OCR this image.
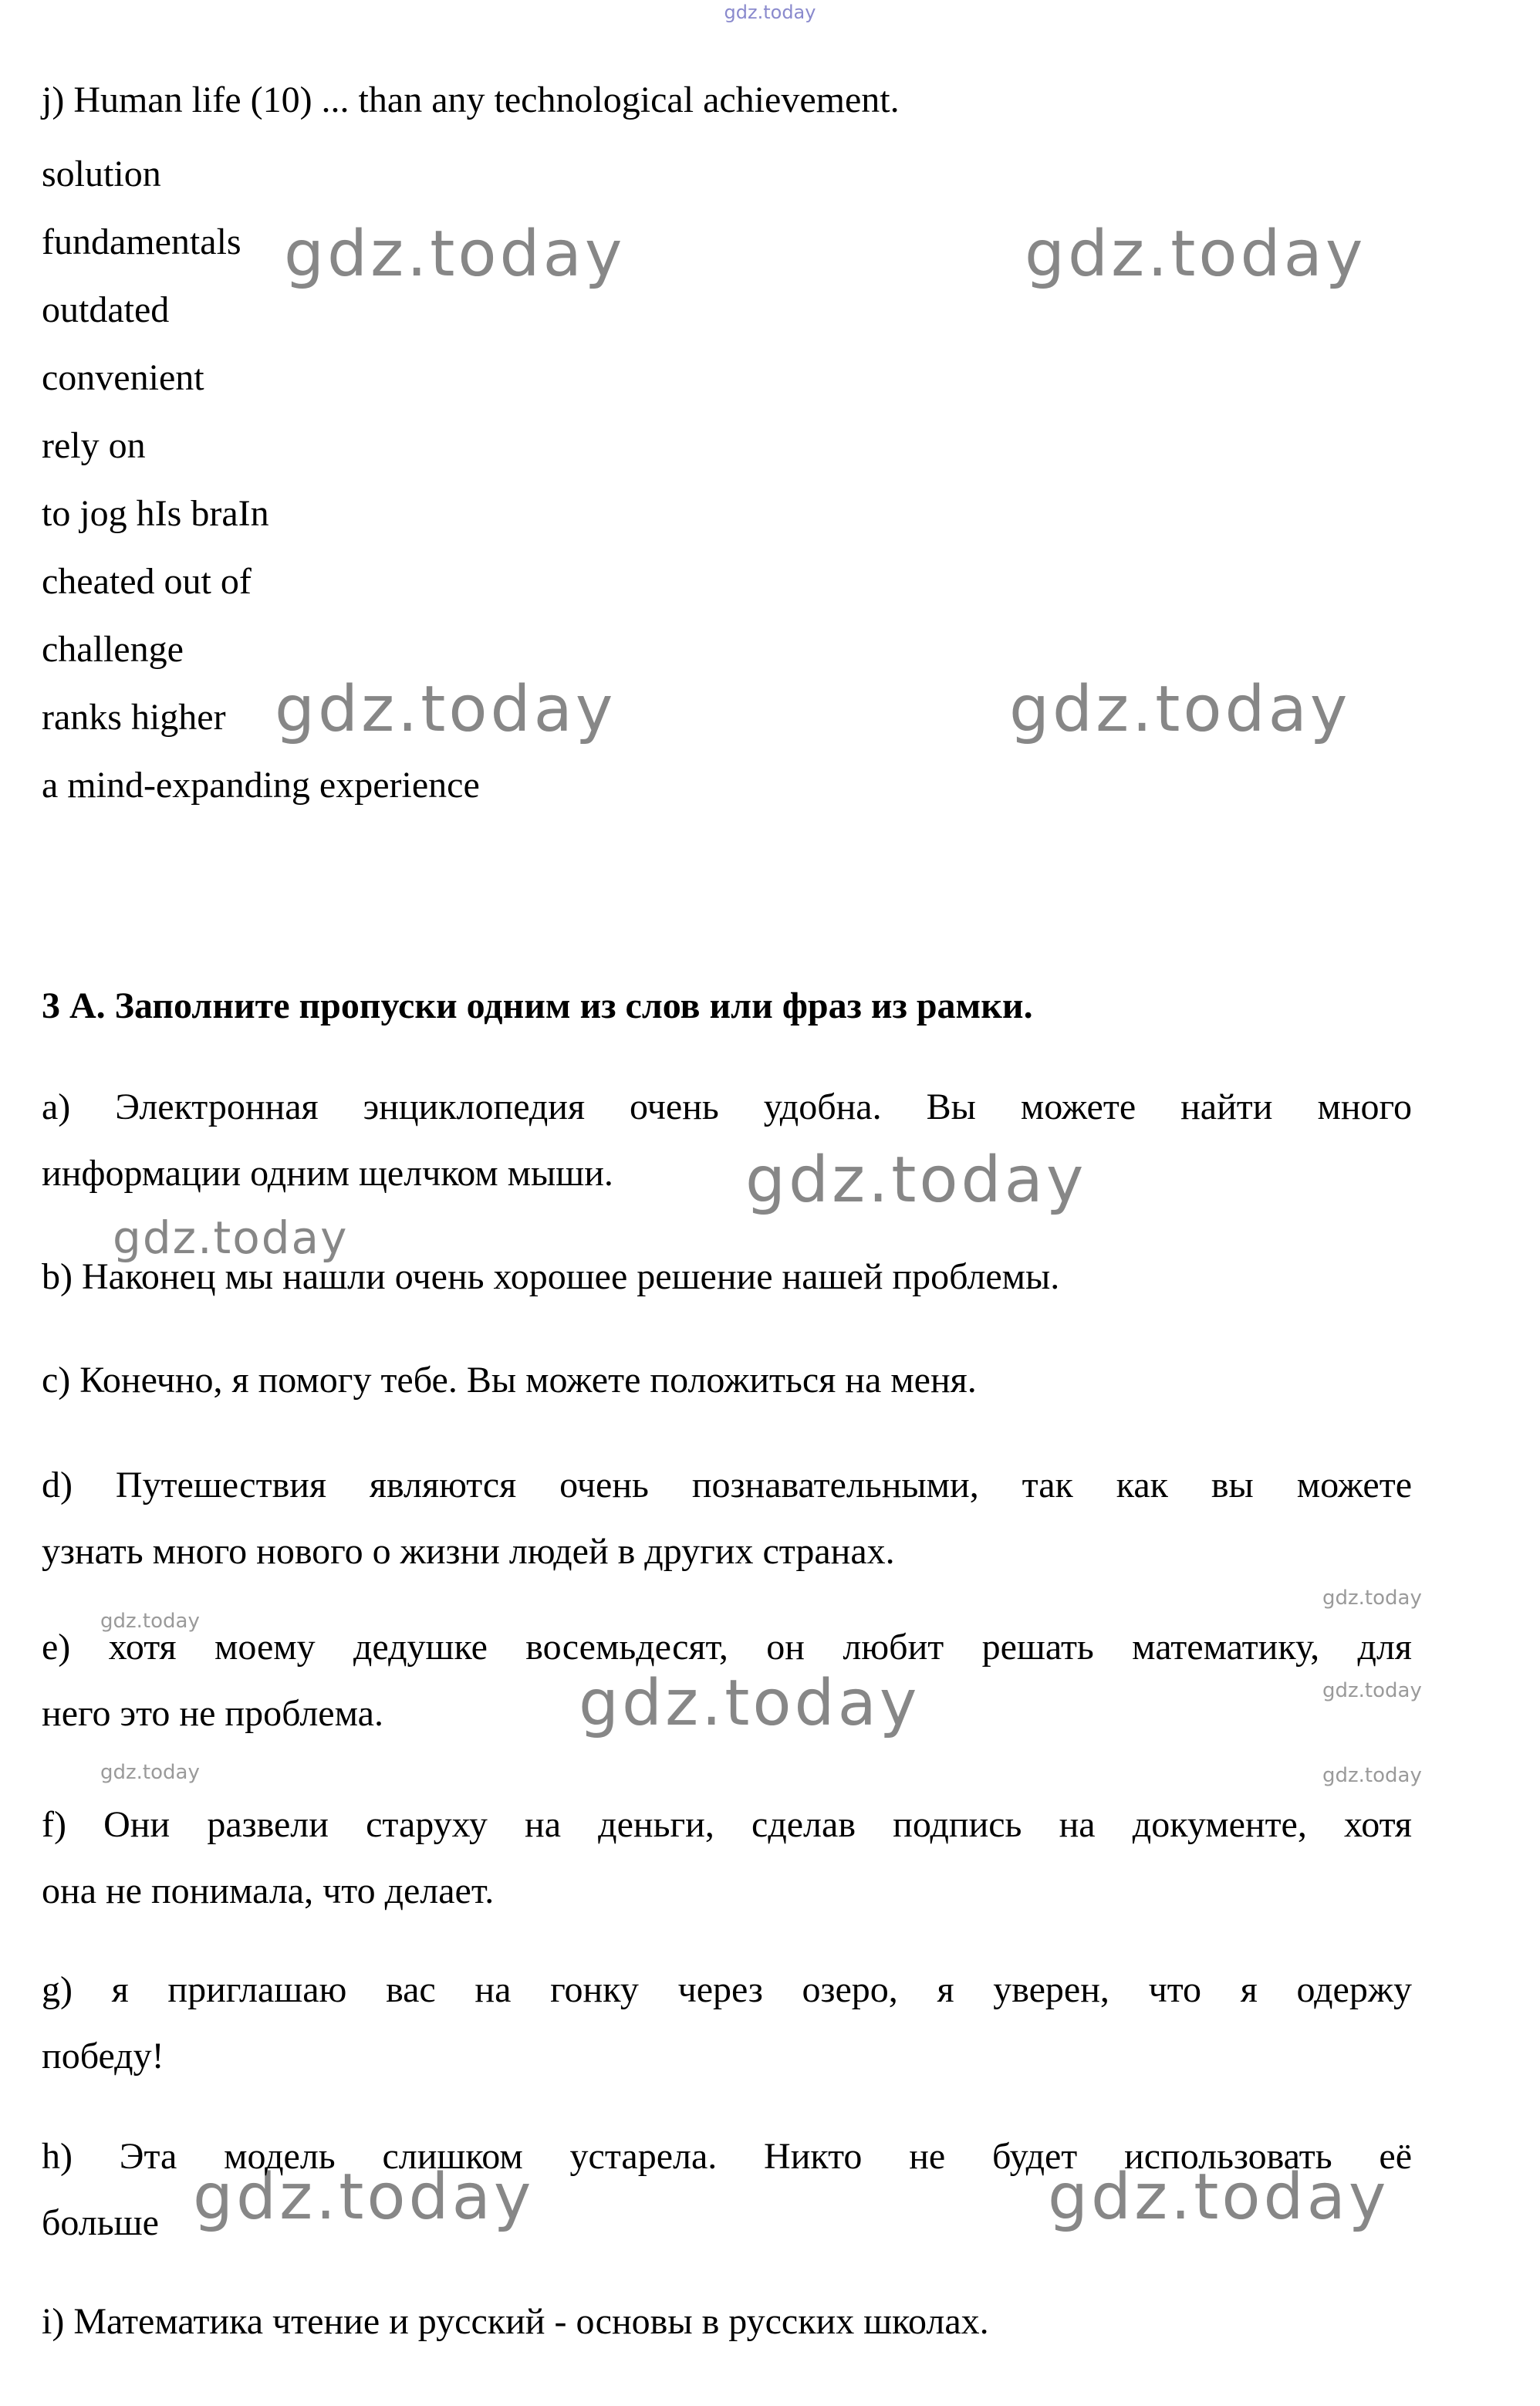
gdz.today
j) Human life (10) ... than any technological achievement.
solution
fundamentals
outdated
convenient
rely on
to jog hIs braIn
cheated out of
challenge
ranks higher
a mind-expanding experience
gdz.today	gdz.today
gdz.today	gdz.today
gdz.today
gdz.today
gdz.today
gdz.today	gdz.today
gdz.today
gdz.today
gdz.today
gdz.today	gdz.today
3 А. Заполните пропуски одним из слов или фраз из рамки.
a) Электронная энциклопедия очень удобна. Вы можете найти много
информации одним щелчком мыши.
b) Наконец мы нашли очень хорошее решение нашей проблемы.
c) Конечно, я помогу тебе. Вы можете положиться на меня.
d) Путешествия являются очень познавательными, так как вы можете
узнать много нового о жизни людей в других странах.
e) хотя моему дедушке восемьдесят, он любит решать математику, для
него это не проблема.
f) Они развели старуху на деньги, сделав подпись на документе, хотя
она не понимала, что делает.
g) я приглашаю вас на гонку через озеро, я уверен, что я одержу
победу!
h) Эта модель слишком устарела. Никто не будет использовать её
больше
i) Математика чтение и русский - основы в русских школах.
